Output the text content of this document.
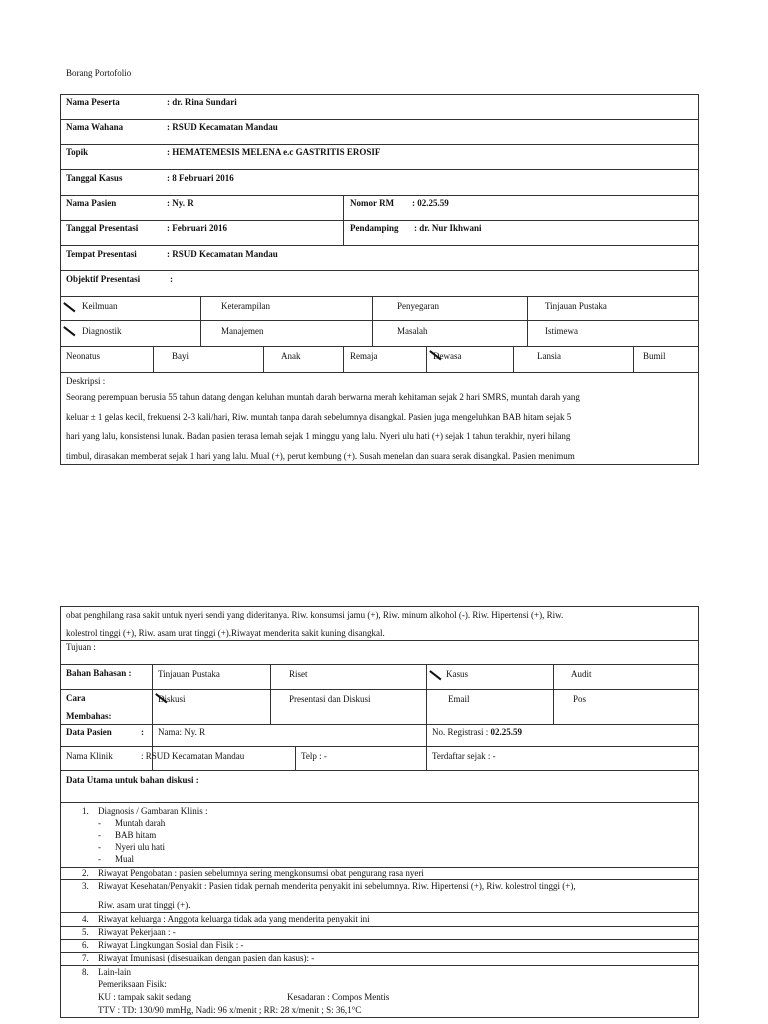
Borang Portofolio
Nama Peserta	: dr. Rina Sundari
Nama Wahana	: RSUD Kecamatan Mandau
Topik	: HEMATEMESIS MELENA e.c GASTRITIS EROSIF
Tanggal Kasus	: 8 Februari 2016
Nama Pasien	: Ny. R	Nomor RM : 02.25.59
Tanggal Presentasi	: Februari 2016	Pendamping : dr. Nur Ikhwani
Tempat Presentasi	: RSUD Kecamatan Mandau
Objektif Presentasi	:
Keilmuan	Keterampilan	Penyegaran	Tinjauan Pustaka
Diagnostik	Manajemen	Masalah	Istimewa
Neonatus	Bayi	Anak	Remaja	Dewasa	Lansia	Bumil
Deskripsi :
Seorang perempuan berusia 55 tahun datang dengan keluhan muntah darah berwarna merah kehitaman sejak 2 hari SMRS, muntah darah yang
keluar ± 1 gelas kecil, frekuensi 2-3 kali/hari, Riw. muntah tanpa darah sebelumnya disangkal. Pasien juga mengeluhkan BAB hitam sejak 5
hari yang lalu, konsistensi lunak. Badan pasien terasa lemah sejak 1 minggu yang lalu. Nyeri ulu hati (+) sejak 1 tahun terakhir, nyeri hilang
timbul, dirasakan memberat sejak 1 hari yang lalu. Mual (+), perut kembung (+). Susah menelan dan suara serak disangkal. Pasien menimum
obat penghilang rasa sakit untuk nyeri sendi yang dideritanya. Riw. konsumsi jamu (+), Riw. minum alkohol (-). Riw. Hipertensi (+), Riw.
kolestrol tinggi (+), Riw. asam urat tinggi (+).Riwayat menderita sakit kuning disangkal.
Tujuan :
Bahan Bahasan :	Tinjauan Pustaka	Riset	Kasus	Audit
Cara
Membahas:
Diskusi	Presentasi dan Diskusi	Email	Pos
Data Pasien	: Nama: Ny. R	No. Registrasi : 02.25.59
Nama Klinik	: RSUD Kecamatan Mandau	Telp : -	Terdaftar sejak : -
Data Utama untuk bahan diskusi :
1. Diagnosis / Gambaran Klinis :
- Muntah darah
- BAB hitam
- Nyeri ulu hati
- Mual
2. Riwayat Pengobatan : pasien sebelumnya sering mengkonsumsi obat pengurang rasa nyeri
3. Riwayat Kesehatan/Penyakit : Pasien tidak pernah menderita penyakit ini sebelumnya. Riw. Hipertensi (+), Riw. kolestrol tinggi (+),
Riw. asam urat tinggi (+).
4. Riwayat keluarga : Anggota keluarga tidak ada yang menderita penyakit ini
5. Riwayat Pekerjaan : -
6. Riwayat Lingkungan Sosial dan Fisik : -
7. Riwayat Imunisasi (disesuaikan dengan pasien dan kasus): -
8. Lain-lain
Pemeriksaan Fisik:
KU : tampak sakit sedang	Kesadaran : Compos Mentis
TTV : TD: 130/90 mmHg, Nadi: 96 x/menit ; RR: 28 x/menit ; S: 36,1°C
